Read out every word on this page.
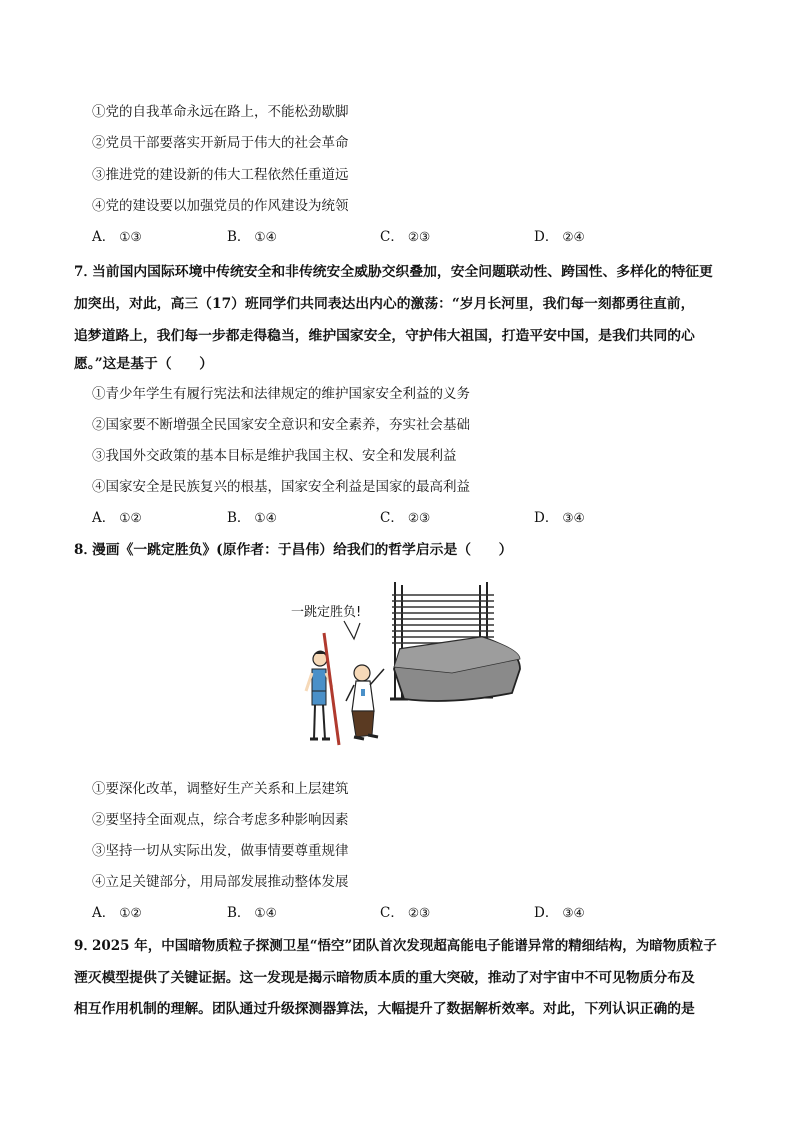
①党的自我革命永远在路上，不能松劲歇脚
②党员干部要落实开新局于伟大的社会革命
③推进党的建设新的伟大工程依然任重道远
④党的建设要以加强党员的作风建设为统领
A． ①③	B． ①④	C． ②③	D． ②④
7．
当前国内国际环境中传统安全和非传统安全威胁交织叠加，安全问题联动性、跨国性、多样化的特征更
加突出，对此，高三（17）班同学们共同表达出内心的激荡：“岁月长河里，我们每一刻都勇往直前，
追梦道路上，我们每一步都走得稳当，维护国家安全，守护伟大祖国，打造平安中国，是我们共同的心
愿。”这是基于（　　）
①青少年学生有履行宪法和法律规定的维护国家安全利益的义务
②国家要不断增强全民国家安全意识和安全素养，夯实社会基础
③我国外交政策的基本目标是维护我国主权、安全和发展利益
④国家安全是民族复兴的根基，国家安全利益是国家的最高利益
A． ①②	B． ①④	C． ②③	D． ③④
8．
漫画《一跳定胜负》(原作者：于昌伟）给我们的哲学启示是（　　）
一跳定胜负!
①要深化改革，调整好生产关系和上层建筑
②要坚持全面观点，综合考虑多种影响因素
③坚持一切从实际出发，做事情要尊重规律
④立足关键部分，用局部发展推动整体发展
A． ①②	B． ①④	C． ②③	D． ③④
9．
2025 年，中国暗物质粒子探测卫星“悟空”团队首次发现超高能电子能谱异常的精细结构，为暗物质粒子
湮灭模型提供了关键证据。这一发现是揭示暗物质本质的重大突破，推动了对宇宙中不可见物质分布及
相互作用机制的理解。团队通过升级探测器算法，大幅提升了数据解析效率。对此，下列认识正确的是
